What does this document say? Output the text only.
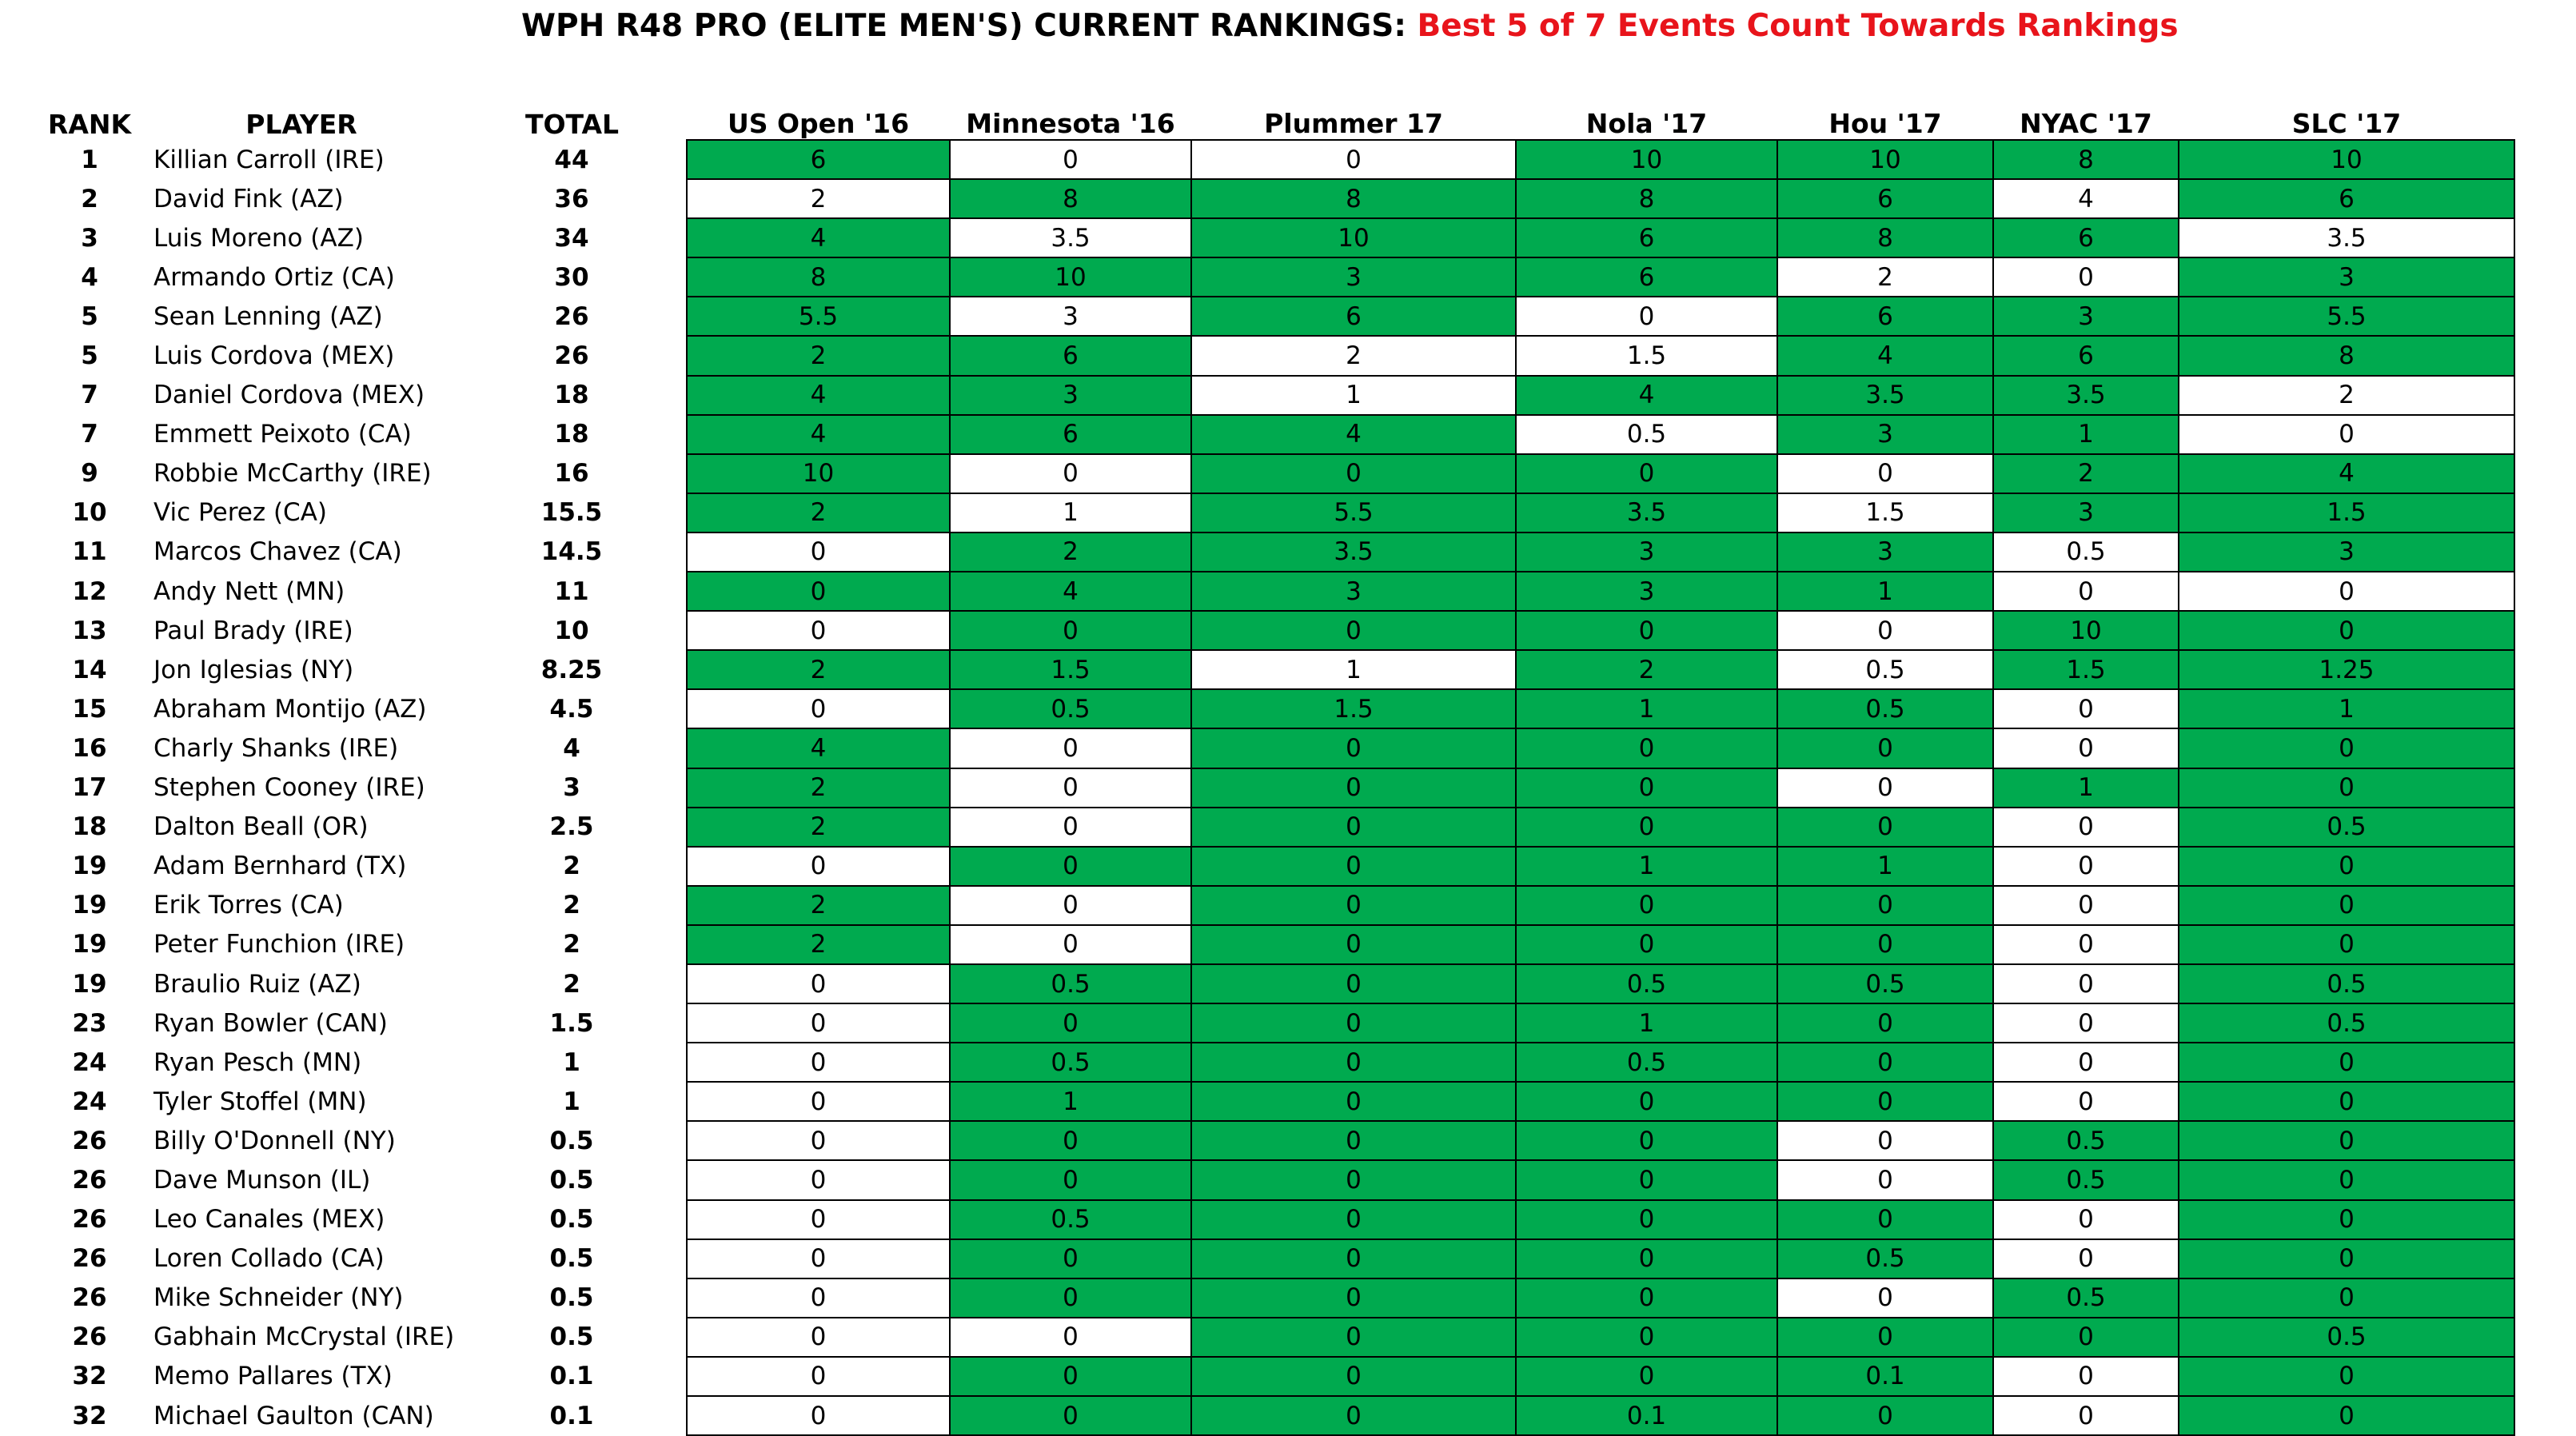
WPH R48 PRO (ELITE MEN'S) CURRENT RANKINGS: Best 5 of 7 Events Count Towards Rankings
RANK	PLAYER	TOTAL	US Open '16	Minnesota '16	Plummer 17	Nola '17	Hou '17	NYAC '17	SLC '17
1	Killian Carroll (IRE)	44	6	0	0	10	10	8	10
2	David Fink (AZ)	36	2	8	8	8	6	4	6
3	Luis Moreno (AZ)	34	4	3.5	10	6	8	6	3.5
4	Armando Ortiz (CA)	30	8	10	3	6	2	0	3
5	Sean Lenning (AZ)	26	5.5	3	6	0	6	3	5.5
5	Luis Cordova (MEX)	26	2	6	2	1.5	4	6	8
7	Daniel Cordova (MEX)	18	4	3	1	4	3.5	3.5	2
7	Emmett Peixoto (CA)	18	4	6	4	0.5	3	1	0
9	Robbie McCarthy (IRE)	16	10	0	0	0	0	2	4
10	Vic Perez (CA)	15.5	2	1	5.5	3.5	1.5	3	1.5
11	Marcos Chavez (CA)	14.5	0	2	3.5	3	3	0.5	3
12	Andy Nett (MN)	11	0	4	3	3	1	0	0
13	Paul Brady (IRE)	10	0	0	0	0	0	10	0
14	Jon Iglesias (NY)	8.25	2	1.5	1	2	0.5	1.5	1.25
15	Abraham Montijo (AZ)	4.5	0	0.5	1.5	1	0.5	0	1
16	Charly Shanks (IRE)	4	4	0	0	0	0	0	0
17	Stephen Cooney (IRE)	3	2	0	0	0	0	1	0
18	Dalton Beall (OR)	2.5	2	0	0	0	0	0	0.5
19	Adam Bernhard (TX)	2	0	0	0	1	1	0	0
19	Erik Torres (CA)	2	2	0	0	0	0	0	0
19	Peter Funchion (IRE)	2	2	0	0	0	0	0	0
19	Braulio Ruiz (AZ)	2	0	0.5	0	0.5	0.5	0	0.5
23	Ryan Bowler (CAN)	1.5	0	0	0	1	0	0	0.5
24	Ryan Pesch (MN)	1	0	0.5	0	0.5	0	0	0
24	Tyler Stoffel (MN)	1	0	1	0	0	0	0	0
26	Billy O'Donnell (NY)	0.5	0	0	0	0	0	0.5	0
26	Dave Munson (IL)	0.5	0	0	0	0	0	0.5	0
26	Leo Canales (MEX)	0.5	0	0.5	0	0	0	0	0
26	Loren Collado (CA)	0.5	0	0	0	0	0.5	0	0
26	Mike Schneider (NY)	0.5	0	0	0	0	0	0.5	0
26	Gabhain McCrystal (IRE)	0.5	0	0	0	0	0	0	0.5
32	Memo Pallares (TX)	0.1	0	0	0	0	0.1	0	0
32	Michael Gaulton (CAN)	0.1	0	0	0	0.1	0	0	0
